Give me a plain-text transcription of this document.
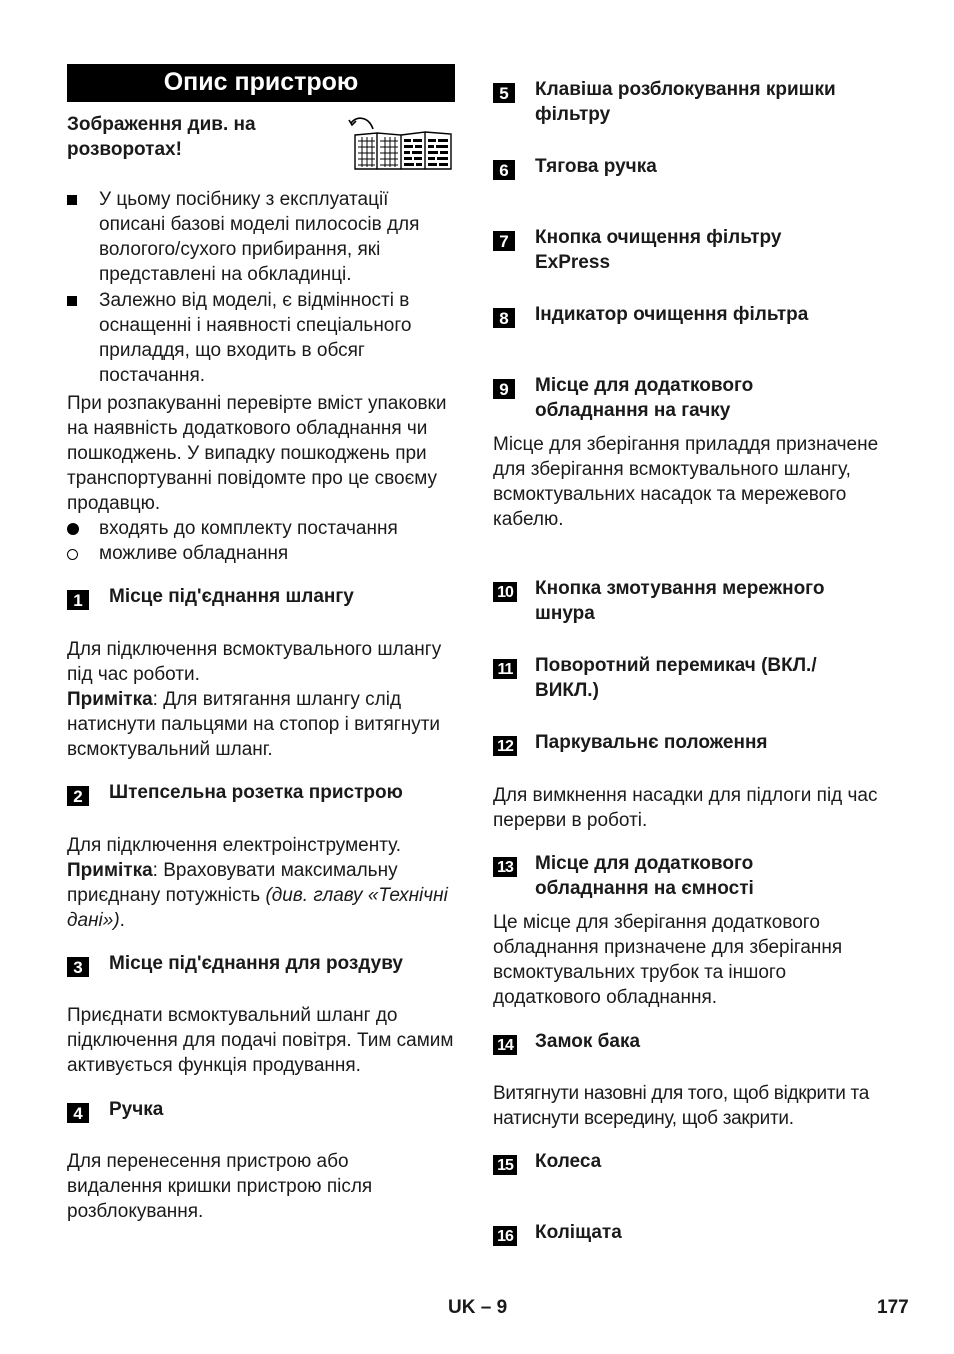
Опис пристрою
Зображення див. на розворотах!
У цьому посібнику з експлуатації описані базові моделі пилососів для вологого/сухого прибирання, які представлені на обкладинці.
Залежно від моделі, є відмінності в оснащенні і наявності спеціального приладдя, що входить в обсяг постачання.
При розпакуванні перевірте вміст упаковки на наявність додаткового обладнання чи пошкоджень. У випадку пошкоджень при транспортуванні повідомте про це своєму продавцю.
входять до комплекту постачання
можливе обладнання
1	Місце під'єднання шлангу
Для підключення всмоктувального шлангу під час роботи.
Примітка: Для витягання шлангу слід натиснути пальцями на стопор і витягнути всмоктувальний шланг.
2	Штепсельна розетка пристрою
Для підключення електроінструменту.
Примітка: Враховувати максимальну приєднану потужність (див. главу «Технічні дані»).
3	Місце під'єднання для роздуву
Приєднати всмоктувальний шланг до підключення для подачі повітря. Тим самим активується функція продування.
4	Ручка
Для перенесення пристрою або видалення кришки пристрою після розблокування.
5	Клавіша розблокування кришки фільтру
6	Тягова ручка
7	Кнопка очищення фільтру ExPress
8	Індикатор очищення фільтра
9	Місце для додаткового обладнання на гачку
Місце для зберігання приладдя призначене для зберігання всмоктувального шлангу, всмоктувальних насадок та мережевого кабелю.
10 Кнопка змотування мережного шнура
11 Поворотний перемикач (ВКЛ./ ВИКЛ.)
12 Паркувальнє положення
Для вимкнення насадки для підлоги під час перерви в роботі.
13 Місце для додаткового обладнання на ємності
Це місце для зберігання додаткового обладнання призначене для зберігання всмоктувальних трубок та іншого додаткового обладнання.
14 Замок бака
Витягнути назовні для того, щоб відкрити та натиснути всередину, щоб закрити.
15 Колеса
16 Коліщата
UK – 9	177
